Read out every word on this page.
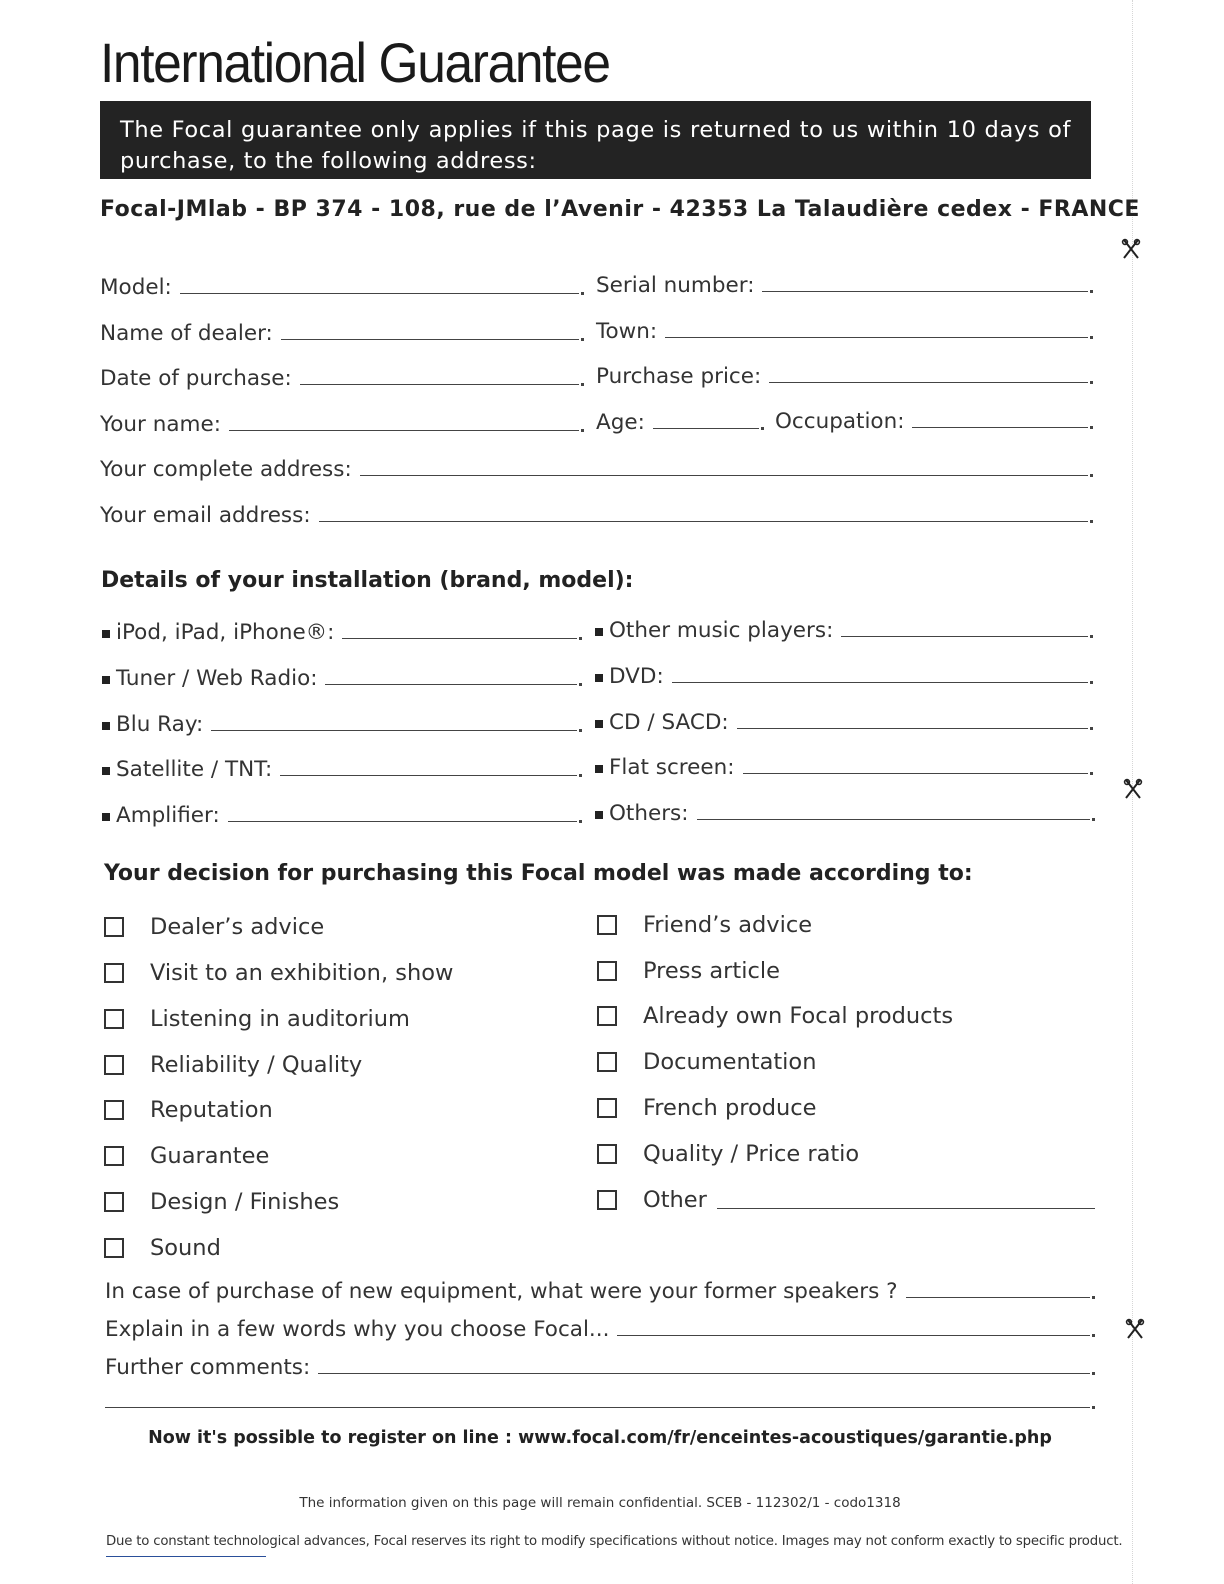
International Guarantee
The Focal guarantee only applies if this page is returned to us within 10 days of purchase, to the following address:
Focal-JMlab - BP 374 - 108, rue de l’Avenir - 42353 La Talaudière cedex - FRANCE
Model:	Serial number:
Name of dealer:	Town:
Date of purchase:	Purchase price:
Your name:	Age:	Occupation:
Your complete address:
Your email address:
Details of your installation (brand, model):
iPod, iPad, iPhone®:	Other music players:
Tuner / Web Radio:	DVD:
Blu Ray:	CD / SACD:
Satellite / TNT:	Flat screen:
Amplifier:	Others:
Your decision for purchasing this Focal model was made according to:
Dealer’s advice	Friend’s advice
Visit to an exhibition, show	Press article
Listening in auditorium	Already own Focal products
Reliability / Quality	Documentation
Reputation	French produce
Guarantee	Quality / Price ratio
Design / Finishes	Other
Sound
In case of purchase of new equipment, what were your former speakers ?
Explain in a few words why you choose Focal...
Further comments:
Now it's possible to register on line : www.focal.com/fr/enceintes-acoustiques/garantie.php
The information given on this page will remain confidential. SCEB - 112302/1 - codo1318
Due to constant technological advances, Focal reserves its right to modify specifications without notice. Images may not conform exactly to specific product.
